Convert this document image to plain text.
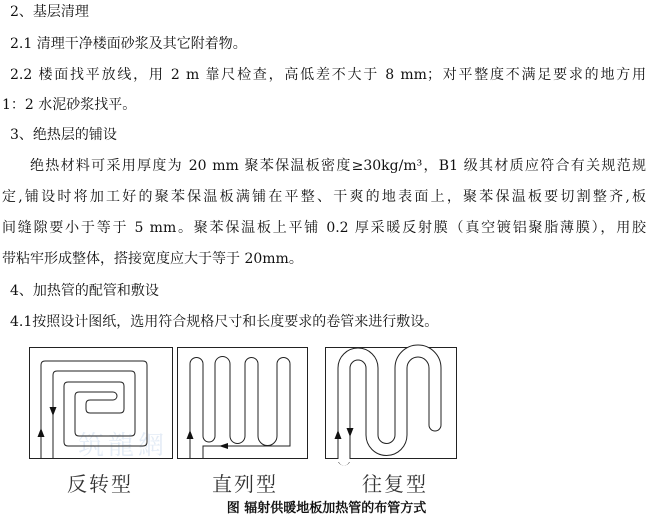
2、基层清理
2.1 清理干净楼面砂浆及其它附着物。
2.2 楼面找平放线，用 2 m 靠尺检查，高低差不大于 8 mm；对平整度不满足要求的地方用
1：2 水泥砂浆找平。
3、绝热层的铺设
绝热材料可采用厚度为 20 mm 聚苯保温板密度≥30kg/m³，B1 级其材质应符合有关规范规
定,铺设时将加工好的聚苯保温板满铺在平整、干爽的地表面上，聚苯保温板要切割整齐,板
间缝隙要小于等于 5 mm。聚苯保温板上平铺 0.2 厚采暖反射膜（真空镀铝聚脂薄膜），用胶
带粘牢形成整体，搭接宽度应大于等于 20mm。
4、加热管的配管和敷设
4.1按照设计图纸，选用符合规格尺寸和长度要求的卷管来进行敷设。
筑龍網
反转型	直列型	往复型
图 辐射供暖地板加热管的布管方式
